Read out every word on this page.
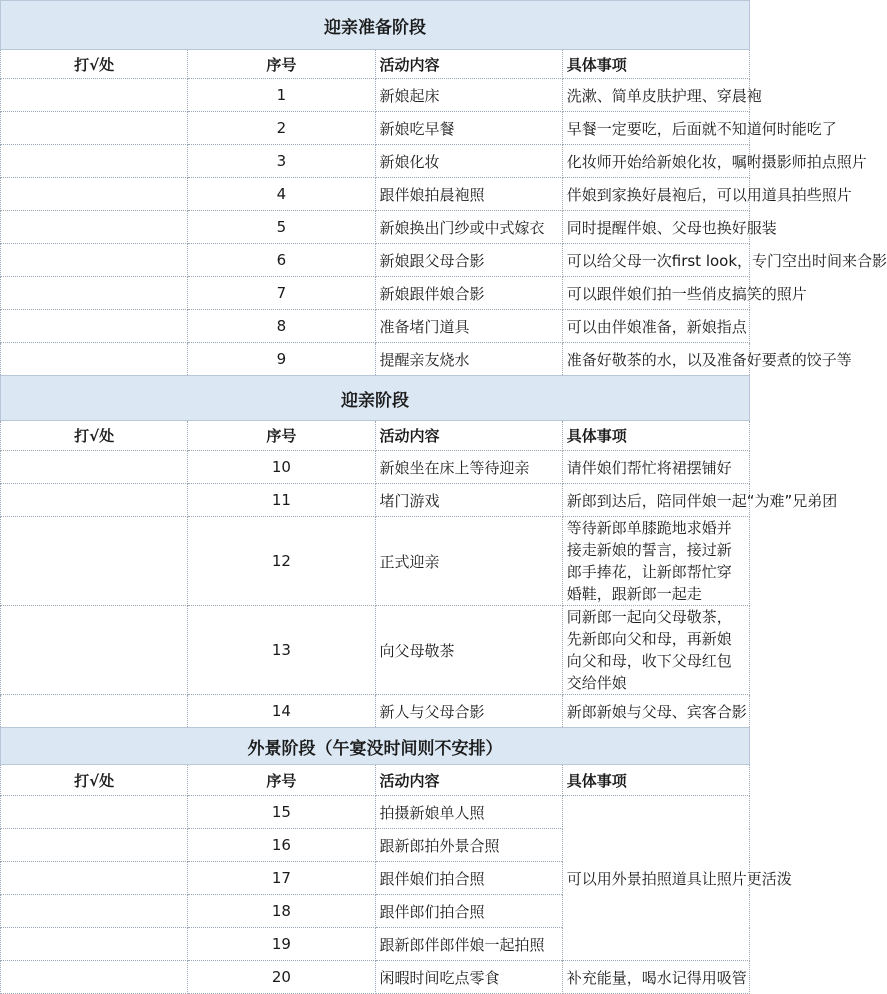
迎亲准备阶段			
打√处	序号	活动内容	具体事项
	1	新娘起床	洗漱、简单皮肤护理、穿晨袍
	2	新娘吃早餐	早餐一定要吃，后面就不知道何时能吃了
	3	新娘化妆	化妆师开始给新娘化妆，嘱咐摄影师拍点照片
	4	跟伴娘拍晨袍照	伴娘到家换好晨袍后，可以用道具拍些照片
	5	新娘换出门纱或中式嫁衣	同时提醒伴娘、父母也换好服装
	6	新娘跟父母合影	可以给父母一次first look，专门空出时间来合影
	7	新娘跟伴娘合影	可以跟伴娘们拍一些俏皮搞笑的照片
	8	准备堵门道具	可以由伴娘准备，新娘指点
	9	提醒亲友烧水	准备好敬茶的水，以及准备好要煮的饺子等
迎亲阶段			
打√处	序号	活动内容	具体事项
	10	新娘坐在床上等待迎亲	请伴娘们帮忙将裙摆铺好
	11	堵门游戏	新郎到达后，陪同伴娘一起“为难”兄弟团
	12	正式迎亲	等待新郎单膝跪地求婚并接走新娘的誓言，接过新郎手捧花，让新郎帮忙穿婚鞋，跟新郎一起走
	13	向父母敬茶	同新郎一起向父母敬茶，先新郎向父和母，再新娘向父和母，收下父母红包交给伴娘
	14	新人与父母合影	新郎新娘与父母、宾客合影
外景阶段（午宴没时间则不安排）			
打√处	序号	活动内容	具体事项
	15	拍摄新娘单人照	可以用外景拍照道具让照片更活泼
	16	跟新郎拍外景合照	
	17	跟伴娘们拍合照	
	18	跟伴郎们拍合照	
	19	跟新郎伴郎伴娘一起拍照	
	20	闲暇时间吃点零食	补充能量，喝水记得用吸管
